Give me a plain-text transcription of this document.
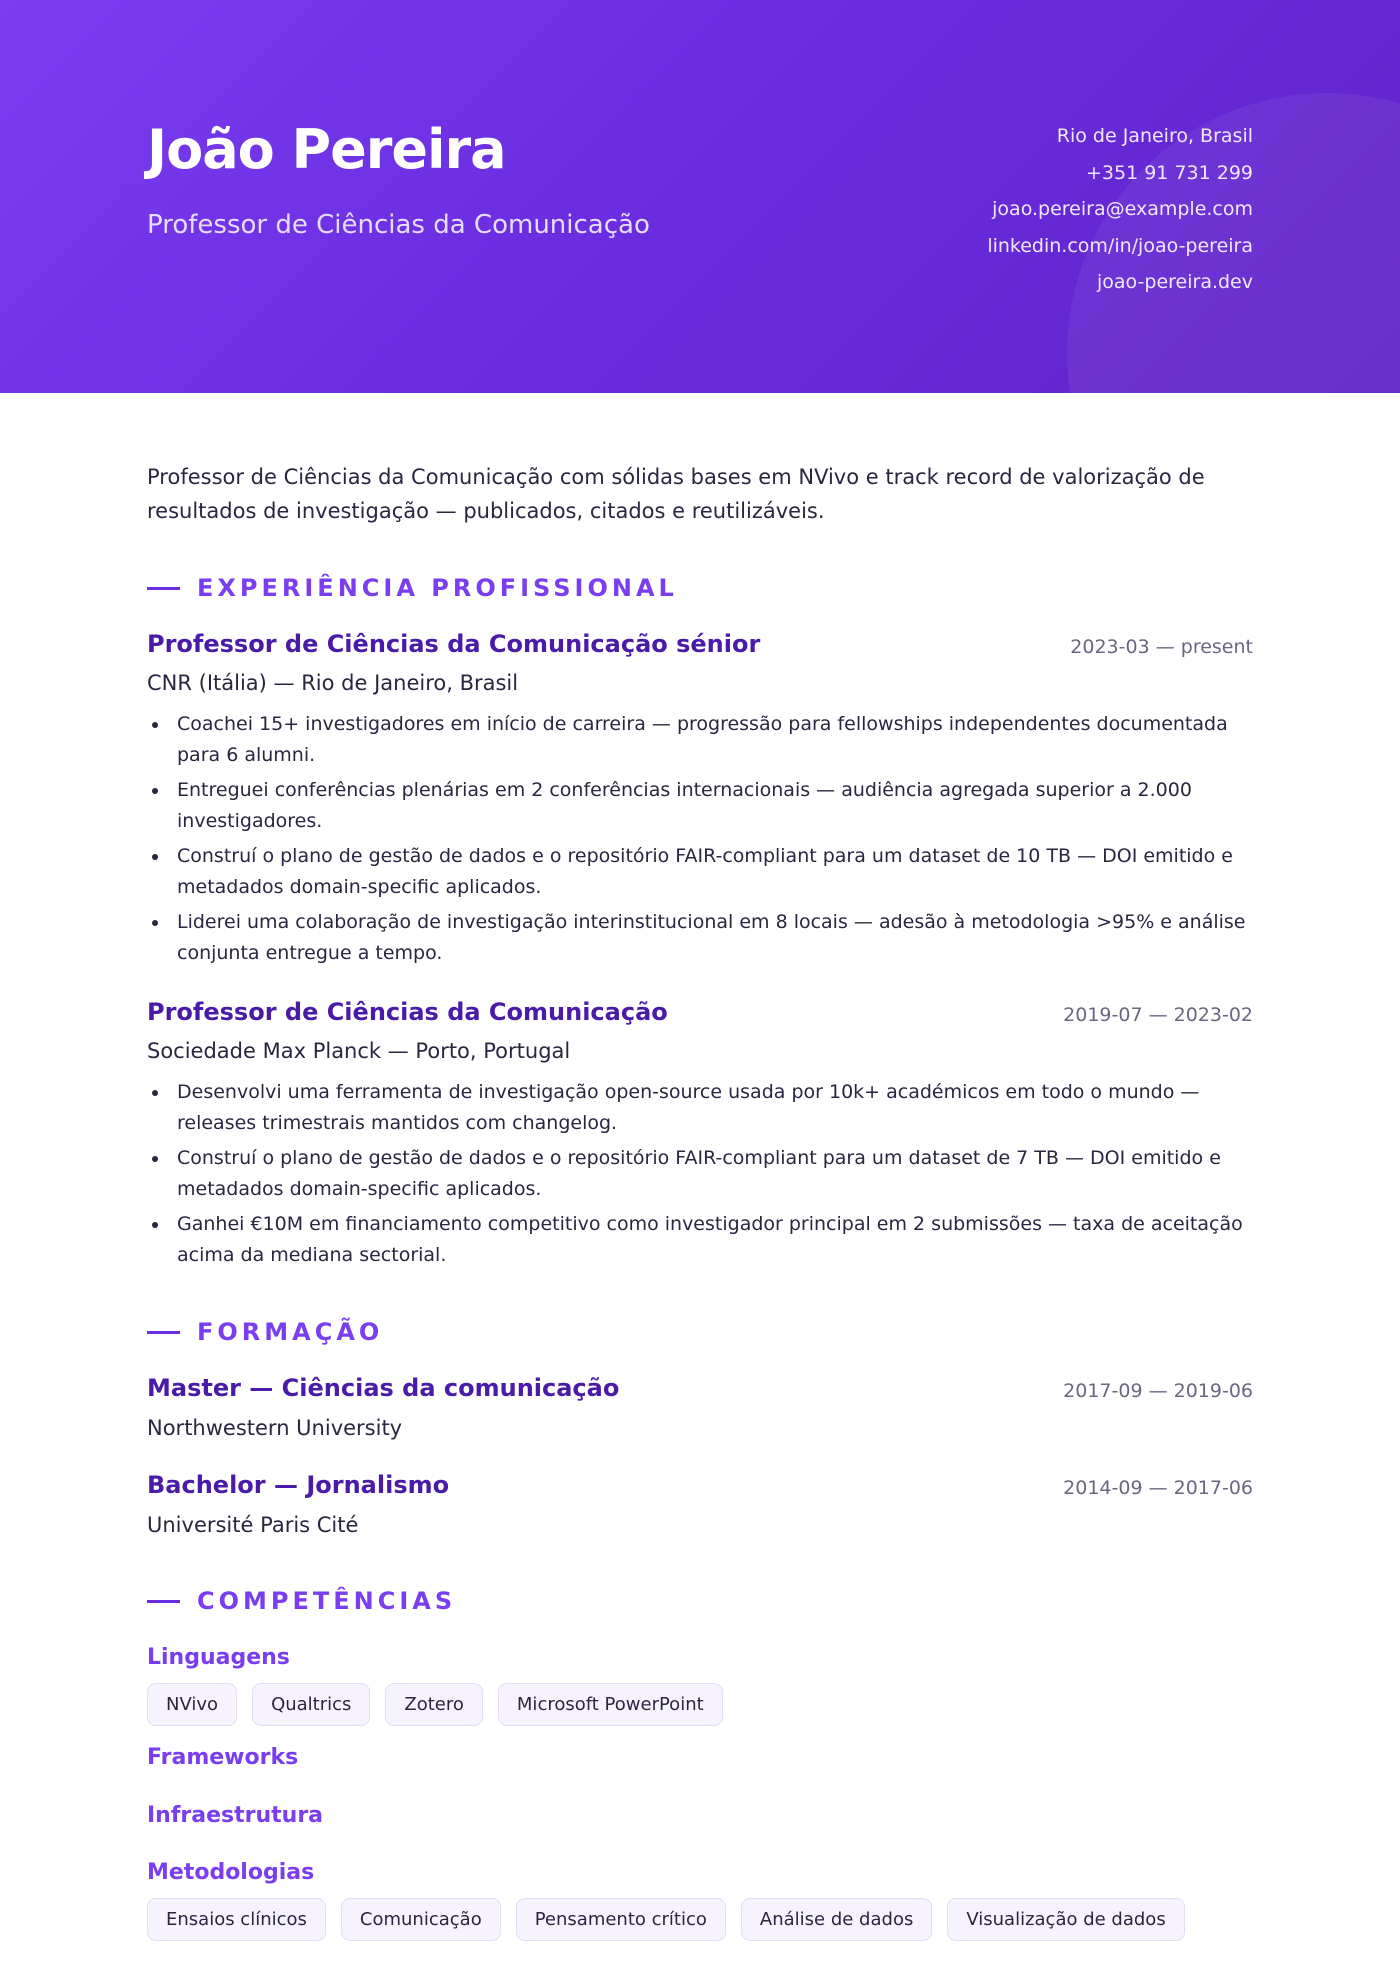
João Pereira
Professor de Ciências da Comunicação
Rio de Janeiro, Brasil
+351 91 731 299
joao.pereira@example.com
linkedin.com/in/joao-pereira
joao-pereira.dev
Professor de Ciências da Comunicação com sólidas bases em NVivo e track record de valorização de resultados de investigação — publicados, citados e reutilizáveis.
EXPERIÊNCIA PROFISSIONAL
Professor de Ciências da Comunicação sénior	2023-03 — present
CNR (Itália) — Rio de Janeiro, Brasil
Coachei 15+ investigadores em início de carreira — progressão para fellowships independentes documentada para 6 alumni.
Entreguei conferências plenárias em 2 conferências internacionais — audiência agregada superior a 2.000 investigadores.
Construí o plano de gestão de dados e o repositório FAIR-compliant para um dataset de 10 TB — DOI emitido e metadados domain-specific aplicados.
Liderei uma colaboração de investigação interinstitucional em 8 locais — adesão à metodologia >95% e análise conjunta entregue a tempo.
Professor de Ciências da Comunicação	2019-07 — 2023-02
Sociedade Max Planck — Porto, Portugal
Desenvolvi uma ferramenta de investigação open-source usada por 10k+ académicos em todo o mundo — releases trimestrais mantidos com changelog.
Construí o plano de gestão de dados e o repositório FAIR-compliant para um dataset de 7 TB — DOI emitido e metadados domain-specific aplicados.
Ganhei €10M em financiamento competitivo como investigador principal em 2 submissões — taxa de aceitação acima da mediana sectorial.
FORMAÇÃO
Master — Ciências da comunicação	2017-09 — 2019-06
Northwestern University
Bachelor — Jornalismo	2014-09 — 2017-06
Université Paris Cité
COMPETÊNCIAS
Linguagens
NVivo	Qualtrics	Zotero	Microsoft PowerPoint
Frameworks
Infraestrutura
Metodologias
Ensaios clínicos	Comunicação	Pensamento crítico	Análise de dados	Visualização de dados
